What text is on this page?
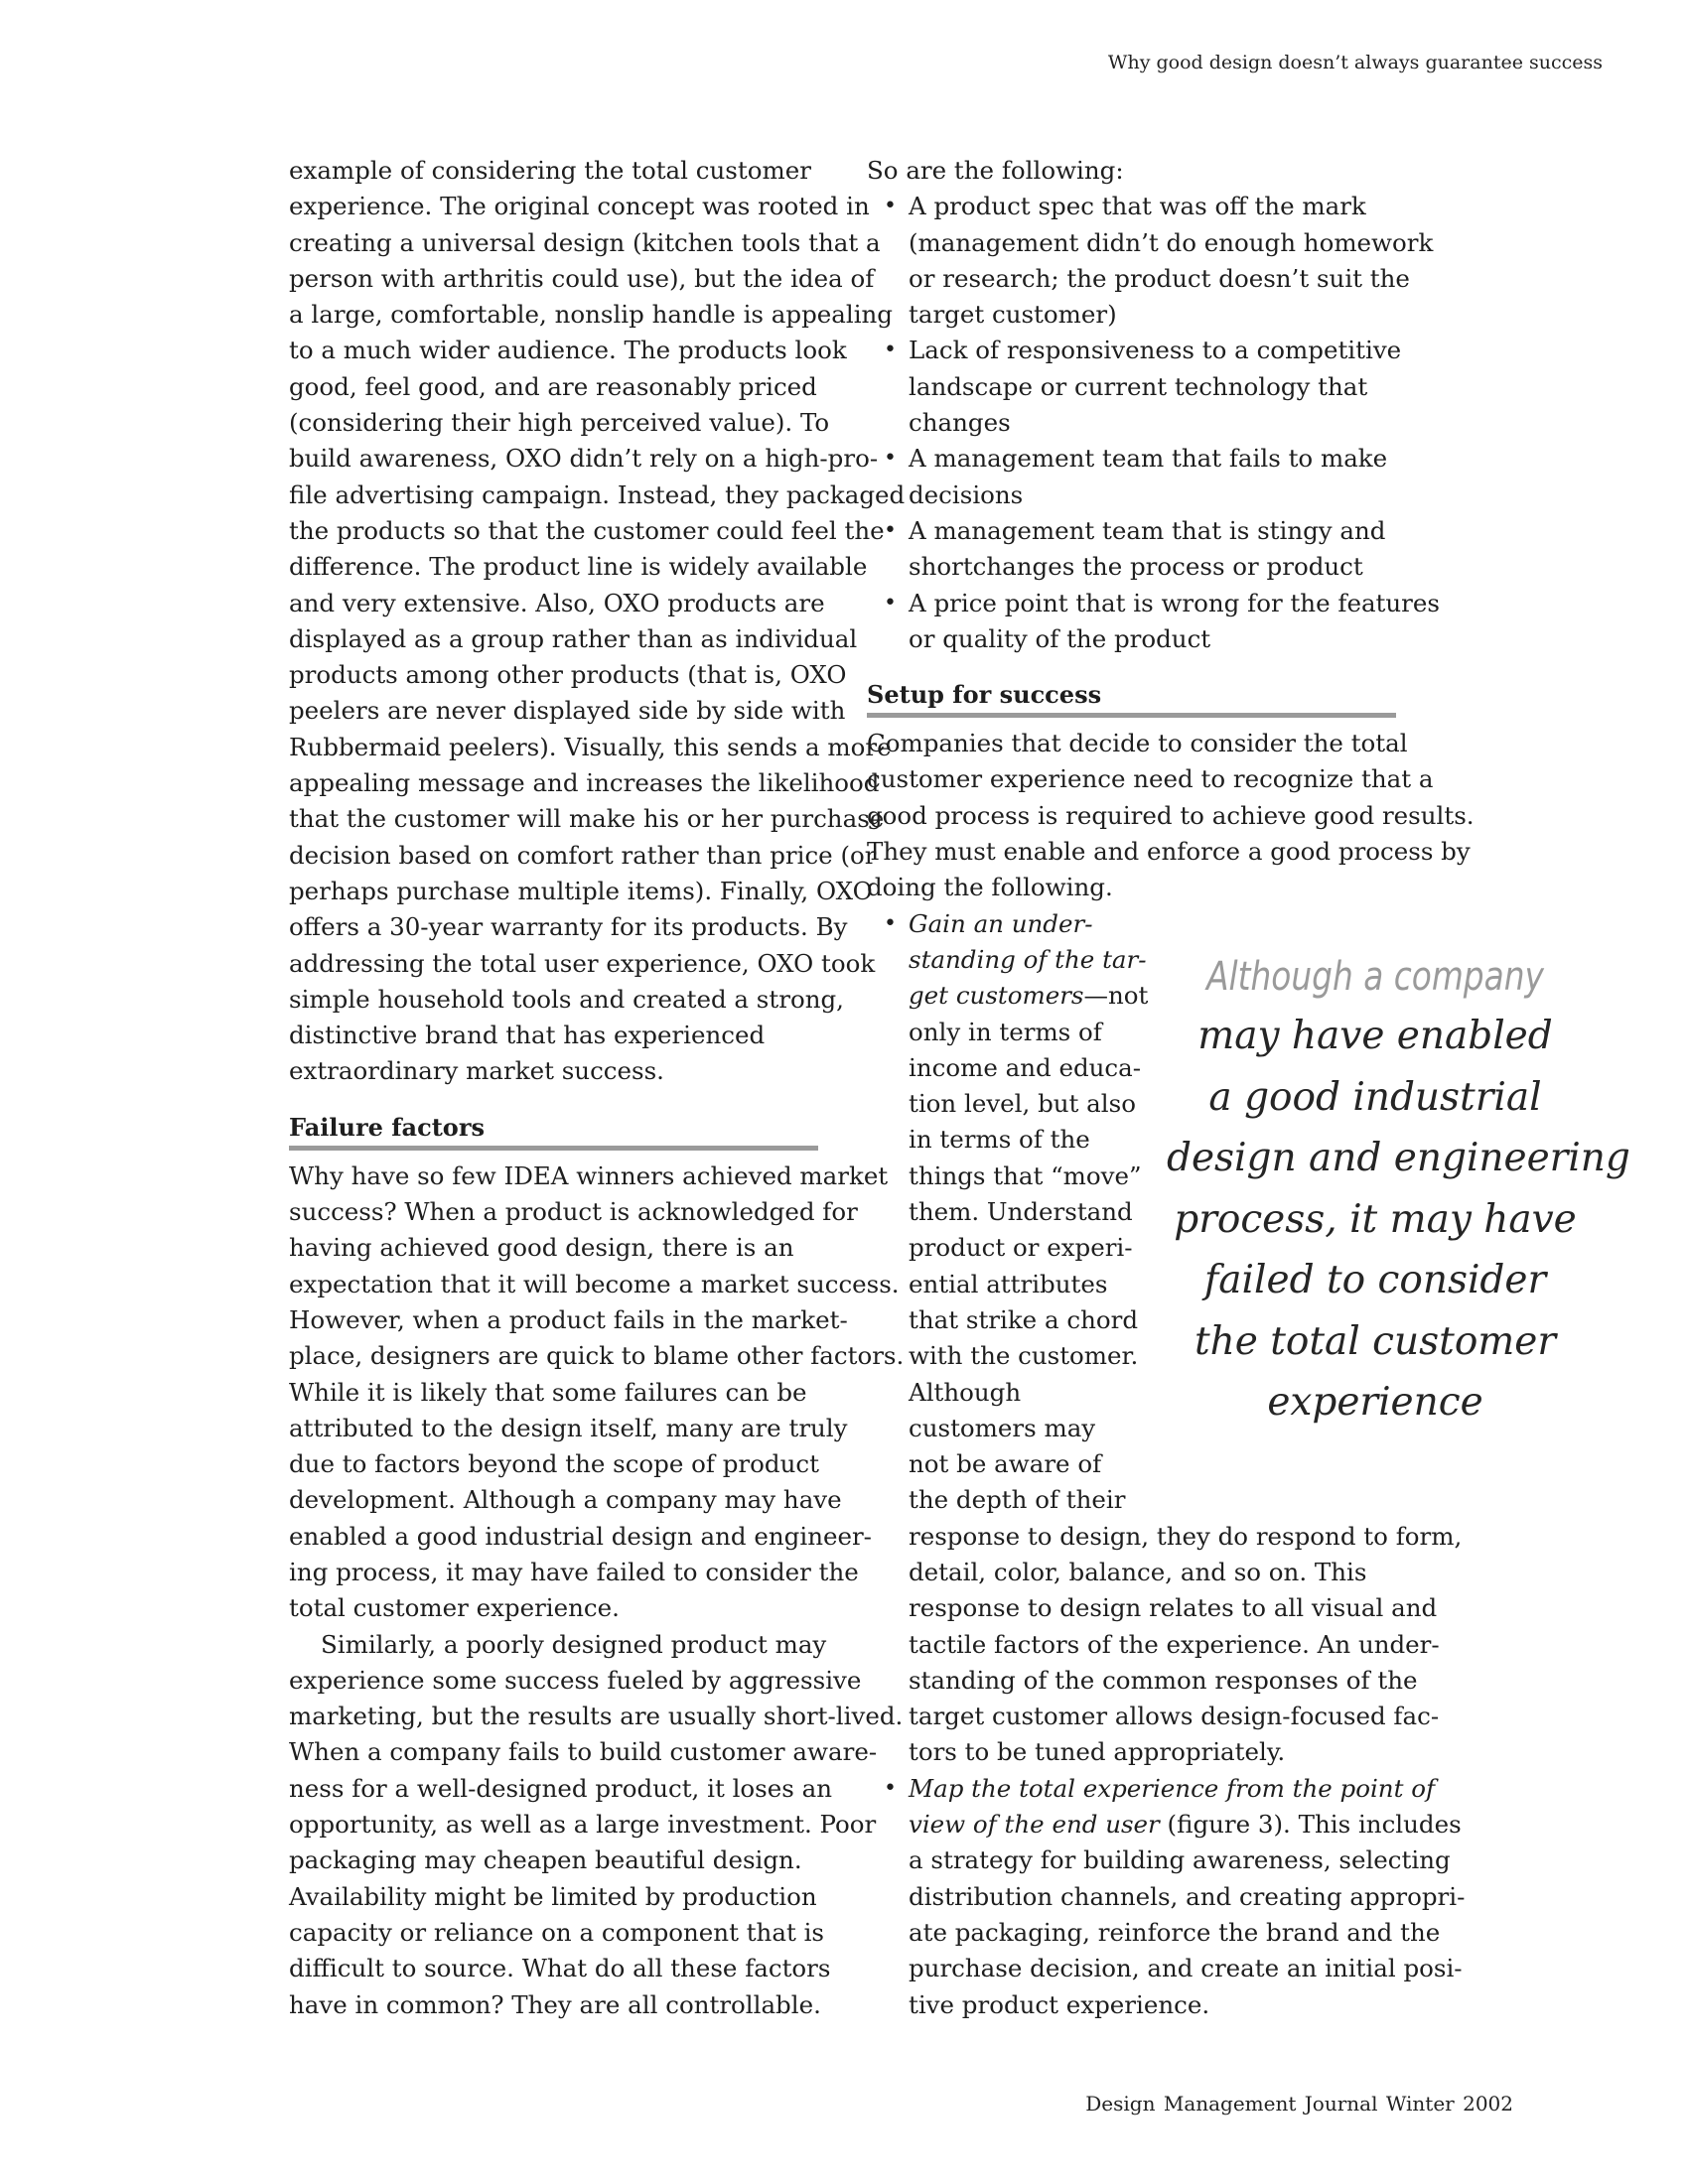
Why good design doesn’t always guarantee success
example of considering the total customer
experience. The original concept was rooted in
creating a universal design (kitchen tools that a
person with arthritis could use), but the idea of
a large, comfortable, nonslip handle is appealing
to a much wider audience. The products look
good, feel good, and are reasonably priced
(considering their high perceived value). To
build awareness, OXO didn’t rely on a high-pro-
file advertising campaign. Instead, they packaged
the products so that the customer could feel the
difference. The product line is widely available
and very extensive. Also, OXO products are
displayed as a group rather than as individual
products among other products (that is, OXO
peelers are never displayed side by side with
Rubbermaid peelers). Visually, this sends a more
appealing message and increases the likelihood
that the customer will make his or her purchase
decision based on comfort rather than price (or
perhaps purchase multiple items). Finally, OXO
offers a 30-year warranty for its products. By
addressing the total user experience, OXO took
simple household tools and created a strong,
distinctive brand that has experienced
extraordinary market success.
Failure factors
Why have so few IDEA winners achieved market
success? When a product is acknowledged for
having achieved good design, there is an
expectation that it will become a market success.
However, when a product fails in the market-
place, designers are quick to blame other factors.
While it is likely that some failures can be
attributed to the design itself, many are truly
due to factors beyond the scope of product
development. Although a company may have
enabled a good industrial design and engineer-
ing process, it may have failed to consider the
total customer experience.
Similarly, a poorly designed product may
experience some success fueled by aggressive
marketing, but the results are usually short-lived.
When a company fails to build customer aware-
ness for a well-designed product, it loses an
opportunity, as well as a large investment. Poor
packaging may cheapen beautiful design.
Availability might be limited by production
capacity or reliance on a component that is
difficult to source. What do all these factors
have in common? They are all controllable.
So are the following:
• A product spec that was off the mark
(management didn’t do enough homework
or research; the product doesn’t suit the
target customer)
• Lack of responsiveness to a competitive
landscape or current technology that
changes
• A management team that fails to make
decisions
• A management team that is stingy and
shortchanges the process or product
• A price point that is wrong for the features
or quality of the product
Setup for success
Companies that decide to consider the total
customer experience need to recognize that a
good process is required to achieve good results.
They must enable and enforce a good process by
doing the following.
• Gain an under-
standing of the tar-
get customers—not
only in terms of
income and educa-
tion level, but also
in terms of the
things that “move”
them. Understand
product or experi-
ential attributes
that strike a chord
with the customer.
Although
customers may
not be aware of
the depth of their
response to design, they do respond to form,
detail, color, balance, and so on. This
response to design relates to all visual and
tactile factors of the experience. An under-
standing of the common responses of the
target customer allows design-focused fac-
tors to be tuned appropriately.
• Map the total experience from the point of
view of the end user (figure 3). This includes
a strategy for building awareness, selecting
distribution channels, and creating appropri-
ate packaging, reinforce the brand and the
purchase decision, and create an initial posi-
tive product experience.
Although a company
may have enabled
a good industrial
design and engineering
process, it may have
failed to consider
the total customer
experience
Design Management Journal Winter 2002
